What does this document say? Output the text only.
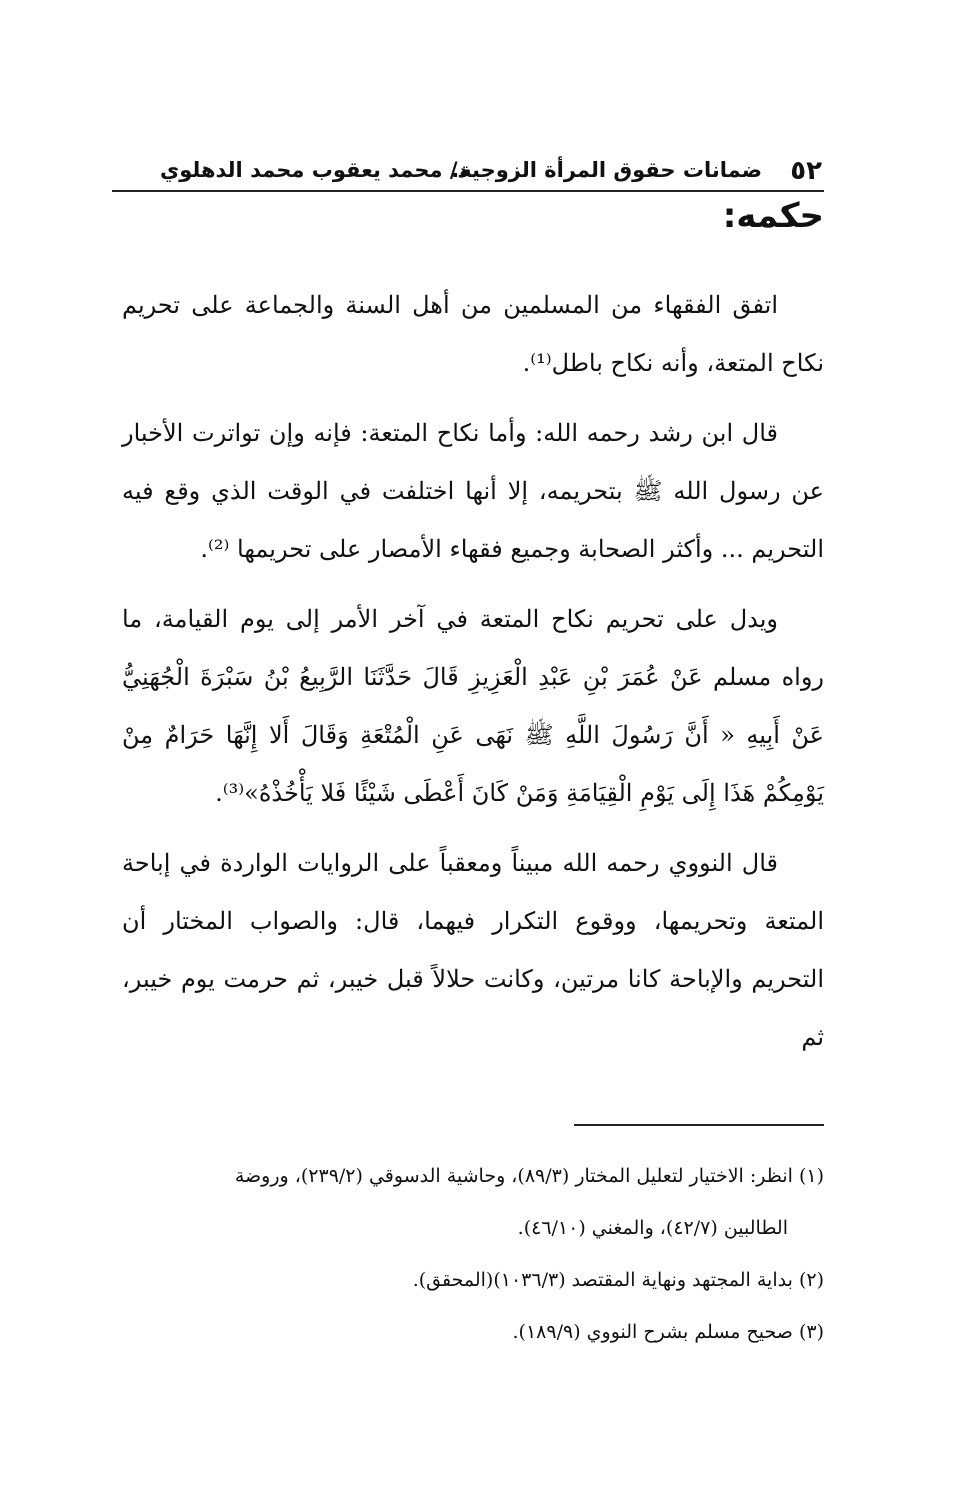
٥٢
ضمانات حقوق المرأة الزوجية.
د/ محمد يعقوب محمد الدهلوي
حكمه:

اتفق الفقهاء من المسلمين من أهل السنة والجماعة على تحريم نكاح المتعة، وأنه نكاح باطل⁽¹⁾.

قال ابن رشد رحمه الله: وأما نكاح المتعة: فإنه وإن تواترت الأخبار عن رسول الله ﷺ بتحريمه، إلا أنها اختلفت في الوقت الذي وقع فيه التحريم ... وأكثر الصحابة وجميع فقهاء الأمصار على تحريمها ⁽²⁾.

ويدل على تحريم نكاح المتعة في آخر الأمر إلى يوم القيامة، ما رواه مسلم عَنْ عُمَرَ بْنِ عَبْدِ الْعَزِيزِ قَالَ حَدَّثَنَا الرَّبِيعُ بْنُ سَبْرَةَ الْجُهَنِيُّ عَنْ أَبِيهِ « أَنَّ رَسُولَ اللَّهِ ﷺ نَهَى عَنِ الْمُتْعَةِ وَقَالَ أَلا إِنَّهَا حَرَامٌ مِنْ يَوْمِكُمْ هَذَا إِلَى يَوْمِ الْقِيَامَةِ وَمَنْ كَانَ أَعْطَى شَيْئًا فَلا يَأْخُذْهُ»⁽³⁾.

قال النووي رحمه الله مبيناً ومعقباً على الروايات الواردة في إباحة المتعة وتحريمها، ووقوع التكرار فيهما، قال: والصواب المختار أن التحريم والإباحة كانا مرتين، وكانت حلالاً قبل خيبر، ثم حرمت يوم خيبر، ثم

(١) انظر: الاختيار لتعليل المختار (٨٩/٣)، وحاشية الدسوقي (٢٣٩/٢)، وروضة
الطالبين (٤٢/٧)، والمغني (٤٦/١٠).
(٢) بداية المجتهد ونهاية المقتصد (١٠٣٦/٣)(المحقق).
(٣) صحيح مسلم بشرح النووي (١٨٩/٩).
